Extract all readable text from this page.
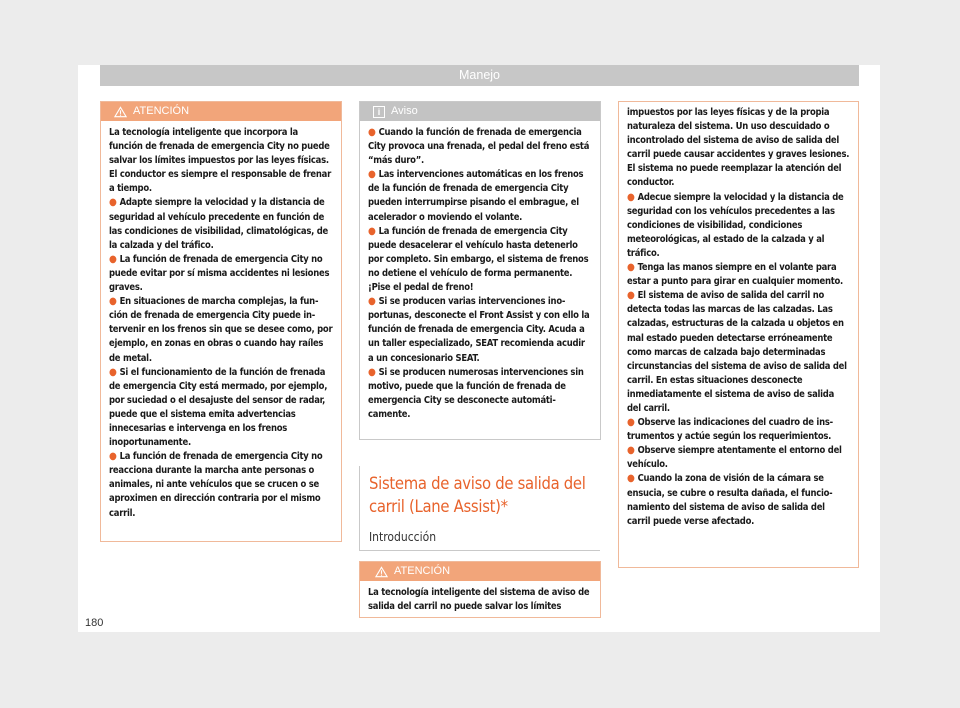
Manejo
ATENCIÓN

La tecnología inteligente que incorpora la función de frenada de emergencia City no puede salvar los límites impuestos por las leyes físicas. El conductor es siempre el responsable de frenar a tiempo.

● Adapte siempre la velocidad y la distancia de seguridad al vehículo precedente en función de las condiciones de visibilidad, climatológicas, de la calzada y del tráfico.

● La función de frenada de emergencia City no puede evitar por sí misma accidentes ni lesiones graves.

● En situaciones de marcha complejas, la función de frenada de emergencia City puede intervenir en los frenos sin que se desee como, por ejemplo, en zonas en obras o cuando hay raíles de metal.

● Si el funcionamiento de la función de frenada de emergencia City está mermado, por ejemplo, por suciedad o el desajuste del sensor de radar, puede que el sistema emita advertencias innecesarias e intervenga en los frenos inoportunamente.

● La función de frenada de emergencia City no reacciona durante la marcha ante personas o animales, ni ante vehículos que se crucen o se aproximen en dirección contraria por el mismo carril.

i Aviso

● Cuando la función de frenada de emergencia City provoca una frenada, el pedal del freno está “más duro”.

● Las intervenciones automáticas en los frenos de la función de frenada de emergencia City pueden interrumpirse pisando el embrague, el acelerador o moviendo el volante.

● La función de frenada de emergencia City puede desacelerar el vehículo hasta detenerlo por completo. Sin embargo, el sistema de frenos no detiene el vehículo de forma permanente. ¡Pise el pedal de freno!

● Si se producen varias intervenciones inoportunas, desconecte el Front Assist y con ello la función de frenada de emergencia City. Acuda a un taller especializado, SEAT recomienda acudir a un concesionario SEAT.

● Si se producen numerosas intervenciones sin motivo, puede que la función de frenada de emergencia City se desconecte automáticamente.

Sistema de aviso de salida del carril (Lane Assist)*
Introducción
ATENCIÓN

La tecnología inteligente del sistema de aviso de salida del carril no puede salvar los límites

impuestos por las leyes físicas y de la propia naturaleza del sistema. Un uso descuidado o incontrolado del sistema de aviso de salida del carril puede causar accidentes y graves lesiones. El sistema no puede reemplazar la atención del conductor.

● Adecue siempre la velocidad y la distancia de seguridad con los vehículos precedentes a las condiciones de visibilidad, condiciones meteorológicas, al estado de la calzada y al tráfico.

● Tenga las manos siempre en el volante para estar a punto para girar en cualquier momento.

● El sistema de aviso de salida del carril no detecta todas las marcas de las calzadas. Las calzadas, estructuras de la calzada u objetos en mal estado pueden detectarse erróneamente como marcas de calzada bajo determinadas circunstancias del sistema de aviso de salida del carril. En estas situaciones desconecte inmediatamente el sistema de aviso de salida del carril.

● Observe las indicaciones del cuadro de instrumentos y actúe según los requerimientos.

● Observe siempre atentamente el entorno del vehículo.

● Cuando la zona de visión de la cámara se ensucia, se cubre o resulta dañada, el funcionamiento del sistema de aviso de salida del carril puede verse afectado.

180
